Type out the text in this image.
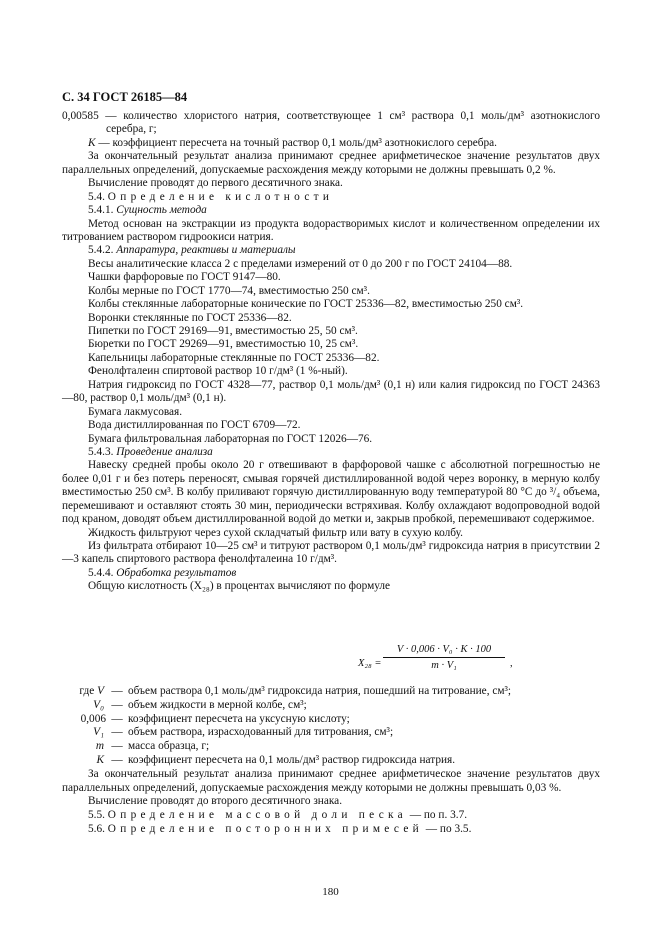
С. 34 ГОСТ 26185—84

0,00585 — количество хлористого натрия, соответствующее 1 см³ раствора 0,1 моль/дм³ азотнокислого серебра, г;

K — коэффициент пересчета на точный раствор 0,1 моль/дм³ азотнокислого серебра.

За окончательный результат анализа принимают среднее арифметическое значение результатов двух параллельных определений, допускаемые расхождения между которыми не должны превышать 0,2 %.

Вычисление проводят до первого десятичного знака.

5.4. Определение кислотности

5.4.1. Сущность метода

Метод основан на экстракции из продукта водорастворимых кислот и количественном определении их титрованием раствором гидроокиси натрия.

5.4.2. Аппаратура, реактивы и материалы

Весы аналитические класса 2 с пределами измерений от 0 до 200 г по ГОСТ 24104—88.

Чашки фарфоровые по ГОСТ 9147—80.

Колбы мерные по ГОСТ 1770—74, вместимостью 250 см³.

Колбы стеклянные лабораторные конические по ГОСТ 25336—82, вместимостью 250 см³.

Воронки стеклянные по ГОСТ 25336—82.

Пипетки по ГОСТ 29169—91, вместимостью 25, 50 см³.

Бюретки по ГОСТ 29269—91, вместимостью 10, 25 см³.

Капельницы лабораторные стеклянные по ГОСТ 25336—82.

Фенолфталеин спиртовой раствор 10 г/дм³ (1 %-ный).

Натрия гидроксид по ГОСТ 4328—77, раствор 0,1 моль/дм³ (0,1 н) или калия гидроксид по ГОСТ 24363—80, раствор 0,1 моль/дм³ (0,1 н).

Бумага лакмусовая.

Вода дистиллированная по ГОСТ 6709—72.

Бумага фильтровальная лабораторная по ГОСТ 12026—76.

5.4.3. Проведение анализа

Навеску средней пробы около 20 г отвешивают в фарфоровой чашке с абсолютной погрешностью не более 0,01 г и без потерь переносят, смывая горячей дистиллированной водой через воронку, в мерную колбу вместимостью 250 см³. В колбу приливают горячую дистиллированную воду температурой 80 °С до ³/₄ объема, перемешивают и оставляют стоять 30 мин, периодически встряхивая. Колбу охлаждают водопроводной водой под краном, доводят объем дистиллированной водой до метки и, закрыв пробкой, перемешивают содержимое.

Жидкость фильтруют через сухой складчатый фильтр или вату в сухую колбу.

Из фильтрата отбирают 10—25 см³ и титруют раствором 0,1 моль/дм³ гидроксида натрия в присутствии 2—3 капель спиртового раствора фенолфталеина 10 г/дм³.

5.4.4. Обработка результатов

Общую кислотность (X₂₈) в процентах вычисляют по формуле

$X_{28} = \frac{\text{V · 0,006 · V₀ · K · 100}}{\text{m · V₁}}$ ,
где V — объем раствора 0,1 моль/дм³ гидроксида натрия, пошедший на титрование, см³;
V₀ — объем жидкости в мерной колбе, см³;
0,006 — коэффициент пересчета на уксусную кислоту;
V₁ — объем раствора, израсходованный для титрования, см³;
m — масса образца, г;
K — коэффициент пересчета на 0,1 моль/дм³ раствор гидроксида натрия.

За окончательный результат анализа принимают среднее арифметическое значение результатов двух параллельных определений, допускаемые расхождения между которыми не должны превышать 0,03 %.

Вычисление проводят до второго десятичного знака.

5.5. Определение массовой доли песка — по п. 3.7.

5.6. Определение посторонних примесей — по 3.5.

180
